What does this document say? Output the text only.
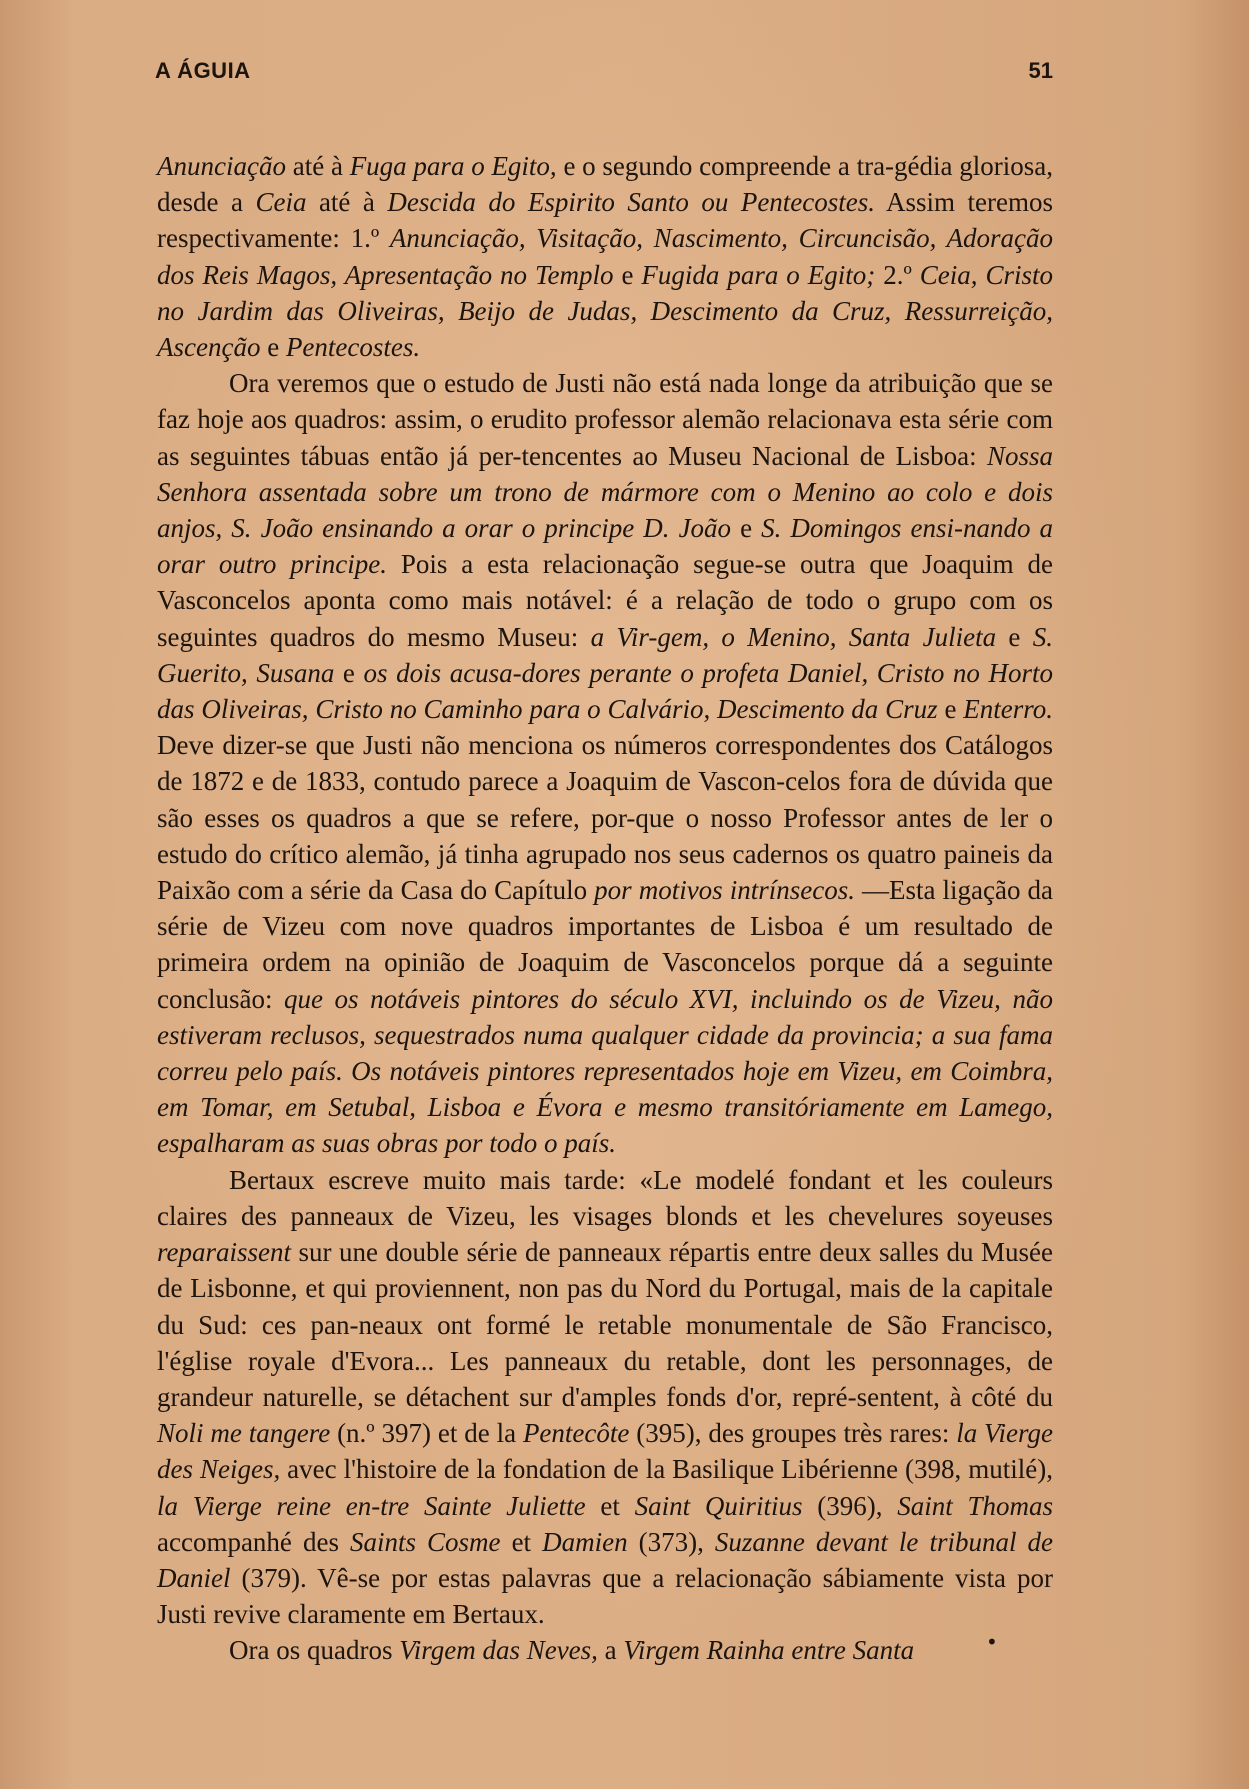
A ÁGUIA	51

Anunciação até à Fuga para o Egito, e o segundo compreende a tra-gédia gloriosa, desde a Ceia até à Descida do Espirito Santo ou Pentecostes. Assim teremos respectivamente: 1.º Anunciação, Visitação, Nascimento, Circuncisão, Adoração dos Reis Magos, Apresentação no Templo e Fugida para o Egito; 2.º Ceia, Cristo no Jardim das Oliveiras, Beijo de Judas, Descimento da Cruz, Ressurreição, Ascenção e Pentecostes.

Ora veremos que o estudo de Justi não está nada longe da atribuição que se faz hoje aos quadros: assim, o erudito professor alemão relacionava esta série com as seguintes tábuas então já per-tencentes ao Museu Nacional de Lisboa: Nossa Senhora assentada sobre um trono de mármore com o Menino ao colo e dois anjos, S. João ensinando a orar o principe D. João e S. Domingos ensi-nando a orar outro principe. Pois a esta relacionação segue-se outra que Joaquim de Vasconcelos aponta como mais notável: é a relação de todo o grupo com os seguintes quadros do mesmo Museu: a Vir-gem, o Menino, Santa Julieta e S. Guerito, Susana e os dois acusa-dores perante o profeta Daniel, Cristo no Horto das Oliveiras, Cristo no Caminho para o Calvário, Descimento da Cruz e Enterro. Deve dizer-se que Justi não menciona os números correspondentes dos Catálogos de 1872 e de 1833, contudo parece a Joaquim de Vascon-celos fora de dúvida que são esses os quadros a que se refere, por-que o nosso Professor antes de ler o estudo do crítico alemão, já tinha agrupado nos seus cadernos os quatro paineis da Paixão com a série da Casa do Capítulo por motivos intrínsecos. —Esta ligação da série de Vizeu com nove quadros importantes de Lisboa é um resultado de primeira ordem na opinião de Joaquim de Vasconcelos porque dá a seguinte conclusão: que os notáveis pintores do século XVI, incluindo os de Vizeu, não estiveram reclusos, sequestrados numa qualquer cidade da provincia; a sua fama correu pelo país. Os notáveis pintores representados hoje em Vizeu, em Coimbra, em Tomar, em Setubal, Lisboa e Évora e mesmo transitóriamente em Lamego, espalharam as suas obras por todo o país.

Bertaux escreve muito mais tarde: «Le modelé fondant et les couleurs claires des panneaux de Vizeu, les visages blonds et les chevelures soyeuses reparaissent sur une double série de panneaux répartis entre deux salles du Musée de Lisbonne, et qui proviennent, non pas du Nord du Portugal, mais de la capitale du Sud: ces pan-neaux ont formé le retable monumentale de São Francisco, l'église royale d'Evora... Les panneaux du retable, dont les personnages, de grandeur naturelle, se détachent sur d'amples fonds d'or, repré-sentent, à côté du Noli me tangere (n.º 397) et de la Pentecôte (395), des groupes très rares: la Vierge des Neiges, avec l'histoire de la fondation de la Basilique Libérienne (398, mutilé), la Vierge reine en-tre Sainte Juliette et Saint Quiritius (396), Saint Thomas accompanhé des Saints Cosme et Damien (373), Suzanne devant le tribunal de Daniel (379). Vê-se por estas palavras que a relacionação sábiamente vista por Justi revive claramente em Bertaux.

Ora os quadros Virgem das Neves, a Virgem Rainha entre Santa	•
